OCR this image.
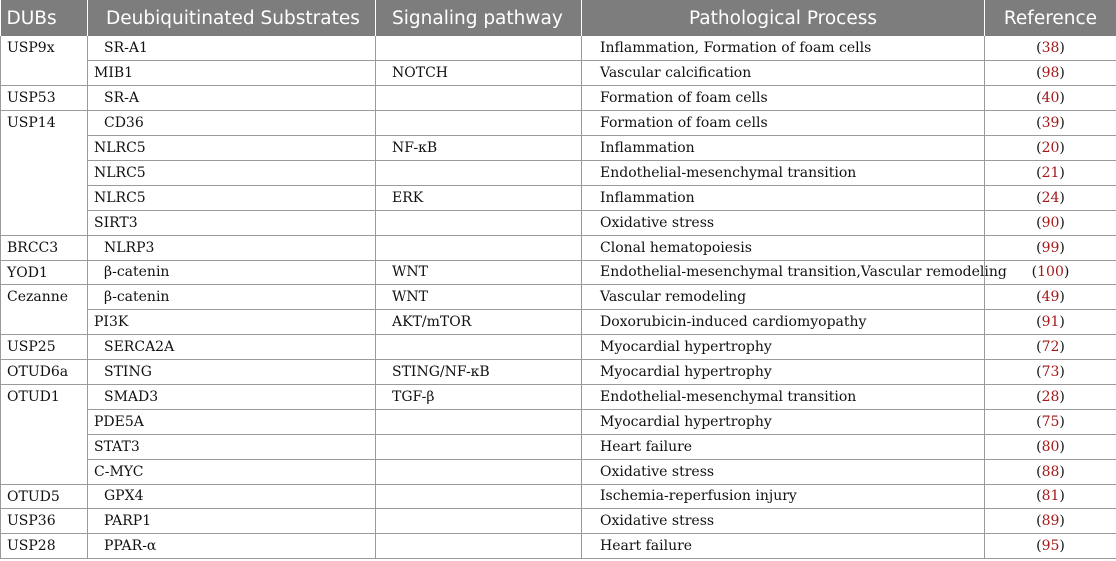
DUBs	Deubiquitinated Substrates	Signaling pathway	Pathological Process	Reference
USP9x	SR-A1		Inflammation, Formation of foam cells	(38)
	MIB1	NOTCH	Vascular calcification	(98)
USP53	SR-A		Formation of foam cells	(40)
USP14	CD36		Formation of foam cells	(39)
	NLRC5	NF-κB	Inflammation	(20)
	NLRC5		Endothelial-mesenchymal transition	(21)
	NLRC5	ERK	Inflammation	(24)
	SIRT3		Oxidative stress	(90)
BRCC3	NLRP3		Clonal hematopoiesis	(99)
YOD1	β-catenin	WNT	Endothelial-mesenchymal transition,Vascular remodeling	(100)
Cezanne	β-catenin	WNT	Vascular remodeling	(49)
	PI3K	AKT/mTOR	Doxorubicin-induced cardiomyopathy	(91)
USP25	SERCA2A		Myocardial hypertrophy	(72)
OTUD6a	STING	STING/NF-κB	Myocardial hypertrophy	(73)
OTUD1	SMAD3	TGF-β	Endothelial-mesenchymal transition	(28)
	PDE5A		Myocardial hypertrophy	(75)
	STAT3		Heart failure	(80)
	C-MYC		Oxidative stress	(88)
OTUD5	GPX4		Ischemia-reperfusion injury	(81)
USP36	PARP1		Oxidative stress	(89)
USP28	PPAR-α		Heart failure	(95)
